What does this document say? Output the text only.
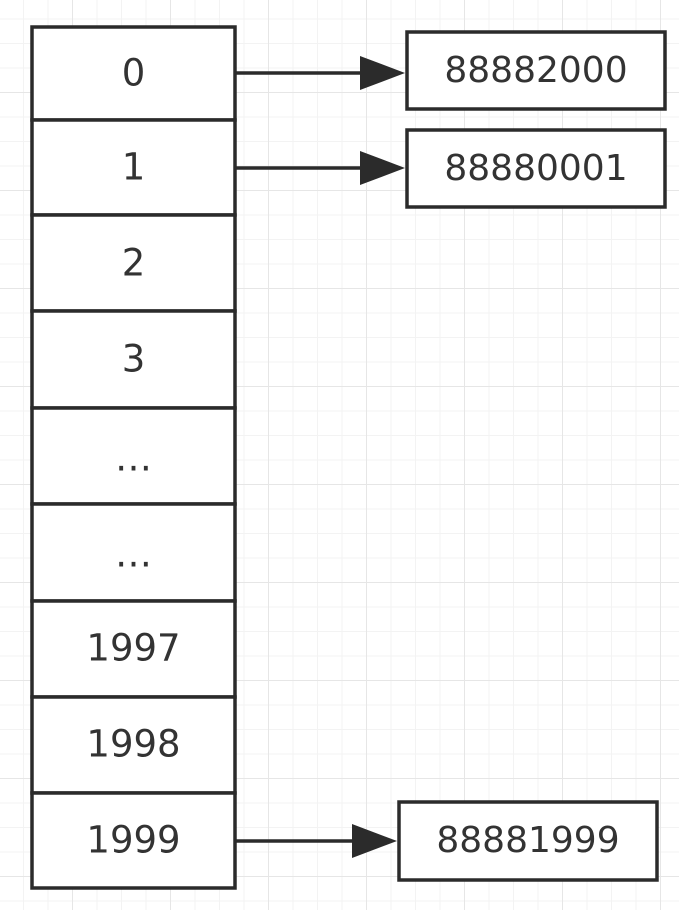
0
1
2
3
…
…
1997
1998
1999
88882000
88880001
88881999
